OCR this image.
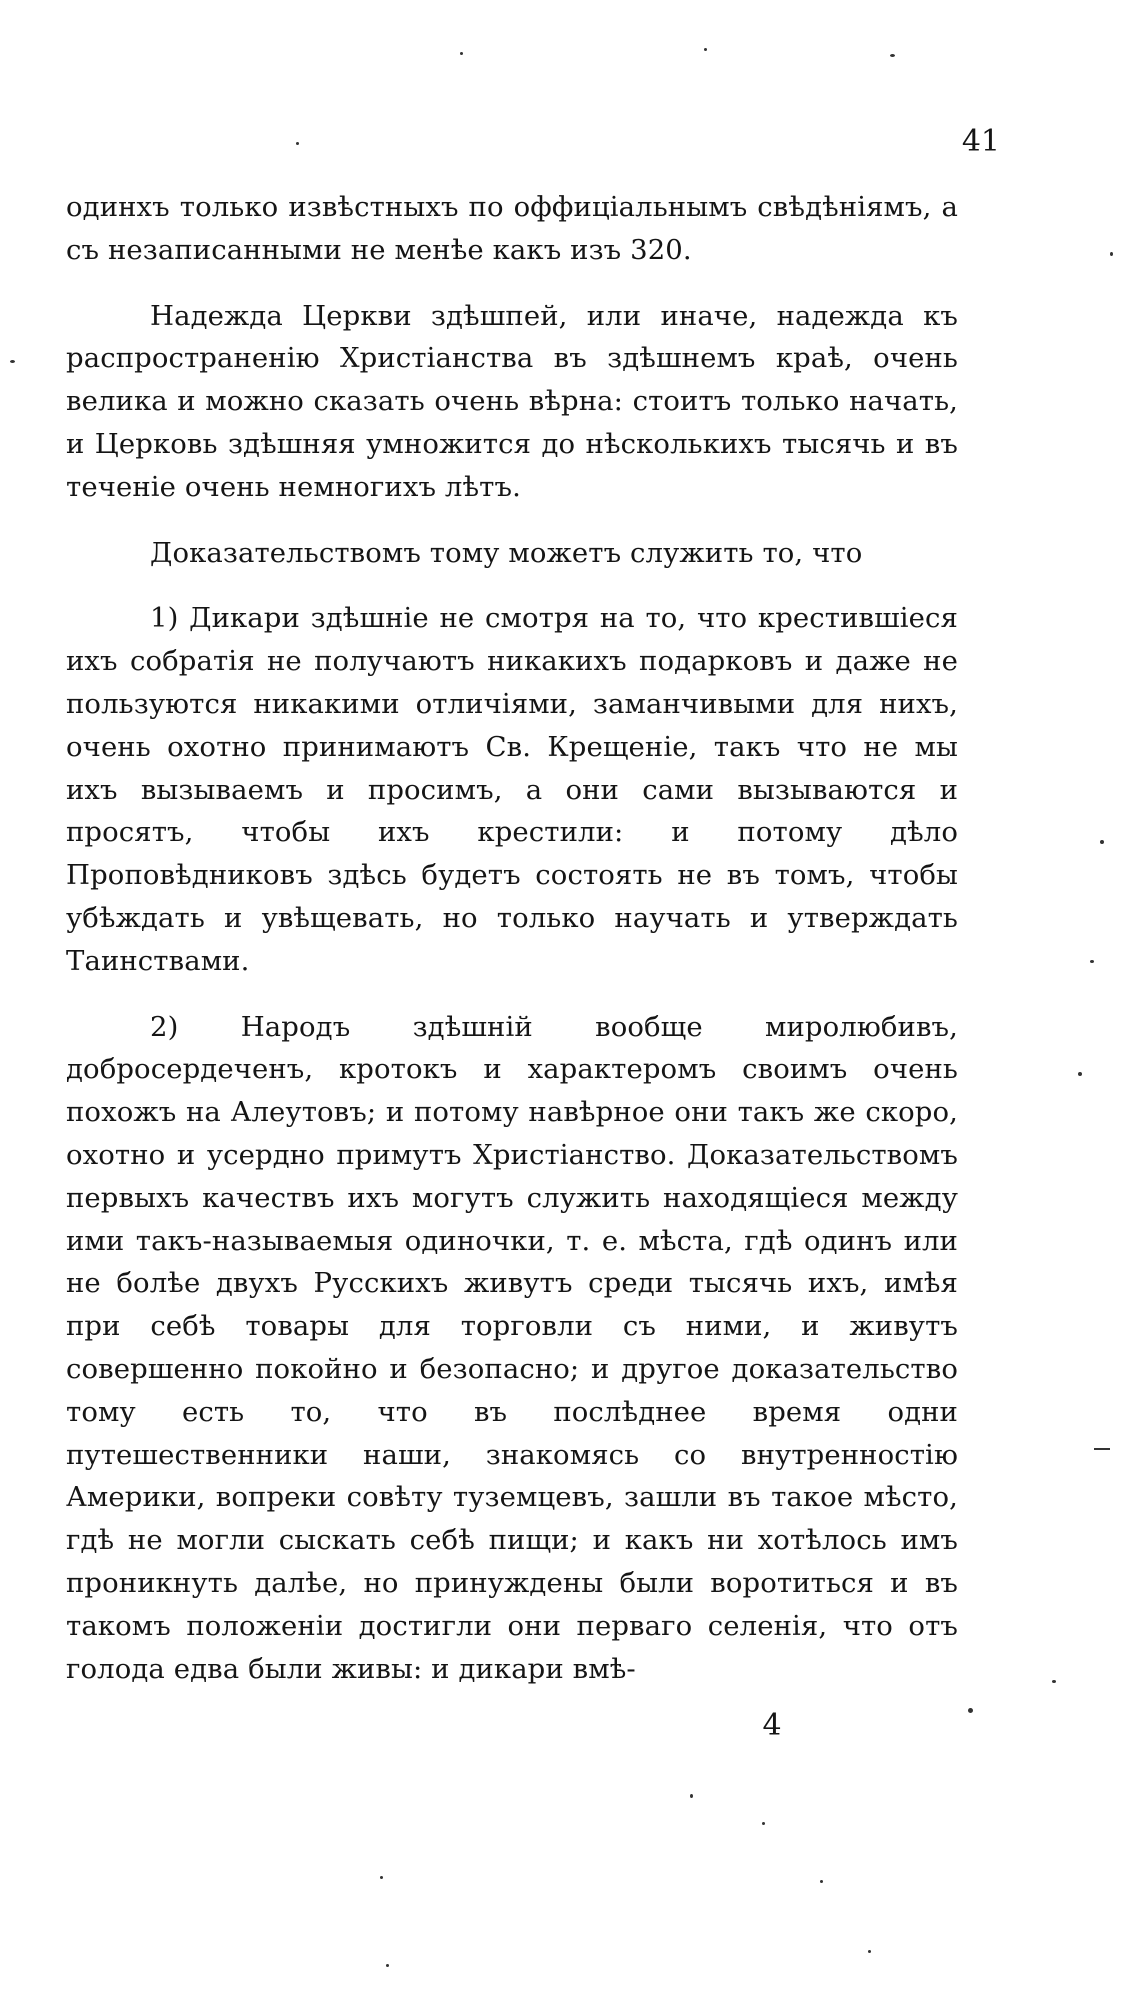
41

одинхъ только извѣстныхъ по оффиціальнымъ свѣдѣніямъ, а съ незаписанными не менѣе какъ изъ 320.

Надежда Церкви здѣшпей, или иначе, надежда къ распространенію Христіанства въ здѣшнемъ краѣ, очень велика и можно сказать очень вѣрна: стоитъ только начать, и Церковь здѣшняя умножится до нѣсколькихъ тысячь и въ теченіе очень немногихъ лѣтъ.

Доказательствомъ тому можетъ служить то, что

1) Дикари здѣшніе не смотря на то, что крестившіеся ихъ собратія не получаютъ никакихъ подарковъ и даже не пользуются никакими отличіями, заманчивыми для нихъ, очень охотно принимаютъ Св. Крещеніе, такъ что не мы ихъ вызываемъ и просимъ, а они сами вызываются и просятъ, чтобы ихъ крестили: и потому дѣло Проповѣдниковъ здѣсь будетъ состоять не въ томъ, чтобы убѣждать и увѣщевать, но только научать и утверждать Таинствами.

2) Народъ здѣшній вообще миролюбивъ, добросердеченъ, кротокъ и характеромъ своимъ очень похожъ на Алеутовъ; и потому навѣрное они такъ же скоро, охотно и усердно примутъ Христіанство. Доказательствомъ первыхъ качествъ ихъ могутъ служить находящіеся между ими такъ-называемыя одиночки, т. е. мѣста, гдѣ одинъ или не болѣе двухъ Русскихъ живутъ среди тысячь ихъ, имѣя при себѣ товары для торговли съ ними, и живутъ совершенно покойно и безопасно; и другое доказательство тому есть то, что въ послѣднее время одни путешественники наши, знакомясь со внутренностію Америки, вопреки совѣту туземцевъ, зашли въ такое мѣсто, гдѣ не могли сыскать себѣ пищи; и какъ ни хотѣлось имъ проникнуть далѣе, но принуждены были воротиться и въ такомъ положеніи достигли они перваго селенія, что отъ голода едва были живы: и дикари вмѣ-

4
